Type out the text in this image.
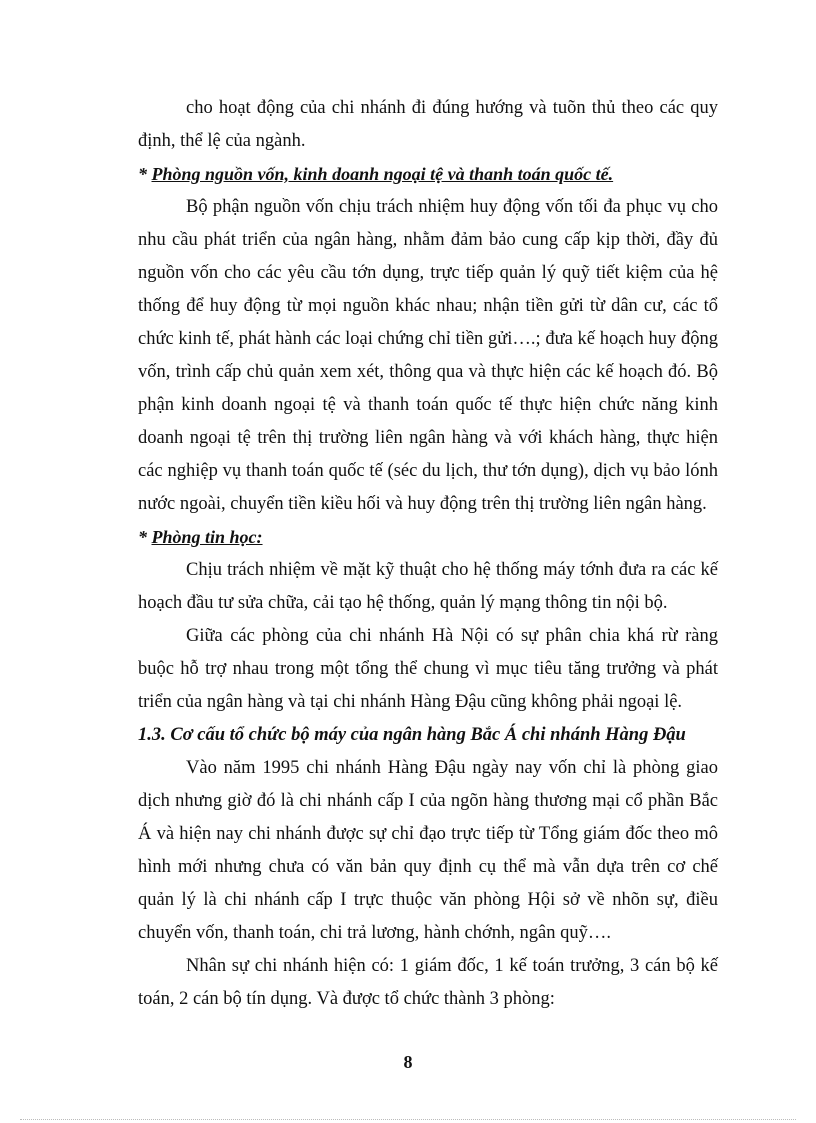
cho hoạt động của chi nhánh đi đúng hướng và tuõn thủ theo các quy định, thể lệ của ngành.

* Phòng nguồn vốn, kinh doanh ngoại tệ và thanh toán quốc tế.

Bộ phận nguồn vốn chịu trách nhiệm huy động vốn tối đa phục vụ cho nhu cầu phát triển của ngân hàng, nhằm đảm bảo cung cấp kịp thời, đầy đủ nguồn vốn cho các yêu cầu tớn dụng, trực tiếp quản lý quỹ tiết kiệm của hệ thống để huy động từ mọi nguồn khác nhau; nhận tiền gửi từ dân cư, các tổ chức kinh tế, phát hành các loại chứng chỉ tiền gửi….; đưa kế hoạch huy động vốn, trình cấp chủ quản xem xét, thông qua và thực hiện các kế hoạch đó. Bộ phận kinh doanh ngoại tệ và thanh toán quốc tế thực hiện chức năng kinh doanh ngoại tệ trên thị trường liên ngân hàng và với khách hàng, thực hiện các nghiệp vụ thanh toán quốc tế (séc du lịch, thư tớn dụng), dịch vụ bảo lónh nước ngoài, chuyển tiền kiều hối và huy động trên thị trường liên ngân hàng.

* Phòng tin học:

Chịu trách nhiệm về mặt kỹ thuật cho hệ thống máy tớnh đưa ra các kế hoạch đầu tư sửa chữa, cải tạo hệ thống, quản lý mạng thông tin nội bộ.

Giữa các phòng của chi nhánh Hà Nội có sự phân chia khá rừ ràng buộc hỗ trợ nhau trong một tổng thể chung vì mục tiêu tăng trưởng và phát triển của ngân hàng và tại chi nhánh Hàng Đậu cũng không phải ngoại lệ.

1.3. Cơ cấu tổ chức bộ máy của ngân hàng Bắc Á chi nhánh Hàng Đậu

Vào năm 1995 chi nhánh Hàng Đậu ngày nay vốn chỉ là phòng giao dịch nhưng giờ đó là chi nhánh cấp I của ngõn hàng thương mại cổ phần Bắc Á và hiện nay chi nhánh được sự chỉ đạo trực tiếp từ Tổng giám đốc theo mô hình mới nhưng chưa có văn bản quy định cụ thể mà vẫn dựa trên cơ chế quản lý là chi nhánh cấp I trực thuộc văn phòng Hội sở về nhõn sự, điều chuyển vốn, thanh toán, chi trả lương, hành chớnh, ngân quỹ….

Nhân sự chi nhánh hiện có: 1 giám đốc, 1 kế toán trưởng, 3 cán bộ kế toán, 2 cán bộ tín dụng. Và được tổ chức thành 3 phòng:

8
